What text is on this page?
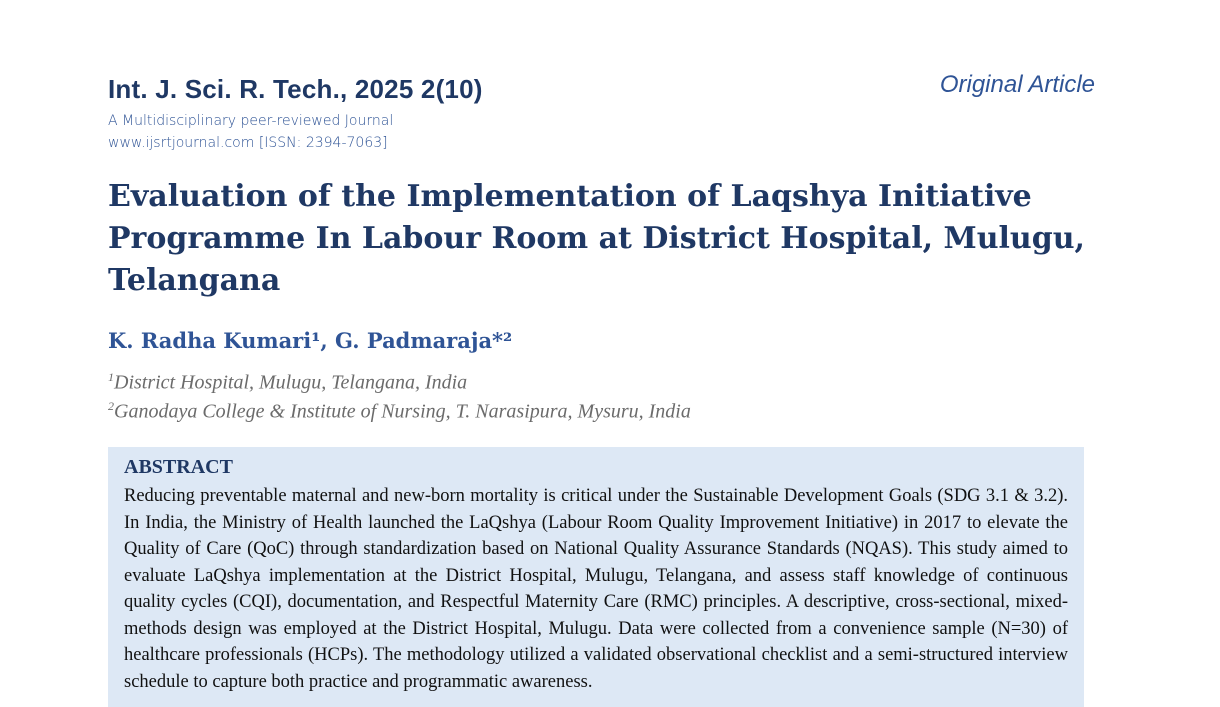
Int. J. Sci. R. Tech., 2025 2(10)	Original Article
A Multidisciplinary peer-reviewed Journal
www.ijsrtjournal.com [ISSN: 2394-7063]
Evaluation of the Implementation of Laqshya Initiative Programme In Labour Room at District Hospital, Mulugu, Telangana
K. Radha Kumari¹, G. Padmaraja*²
$^1$District Hospital, Mulugu, Telangana, India
$^2$Ganodaya College & Institute of Nursing, T. Narasipura, Mysuru, India
ABSTRACT

Reducing preventable maternal and new-born mortality is critical under the Sustainable Development Goals (SDG 3.1 & 3.2). In India, the Ministry of Health launched the LaQshya (Labour Room Quality Improvement Initiative) in 2017 to elevate the Quality of Care (QoC) through standardization based on National Quality Assurance Standards (NQAS). This study aimed to evaluate LaQshya implementation at the District Hospital, Mulugu, Telangana, and assess staff knowledge of continuous quality cycles (CQI), documentation, and Respectful Maternity Care (RMC) principles. A descriptive, cross-sectional, mixed-methods design was employed at the District Hospital, Mulugu. Data were collected from a convenience sample (N=30) of healthcare professionals (HCPs). The methodology utilized a validated observational checklist and a semi-structured interview schedule to capture both practice and programmatic awareness.
